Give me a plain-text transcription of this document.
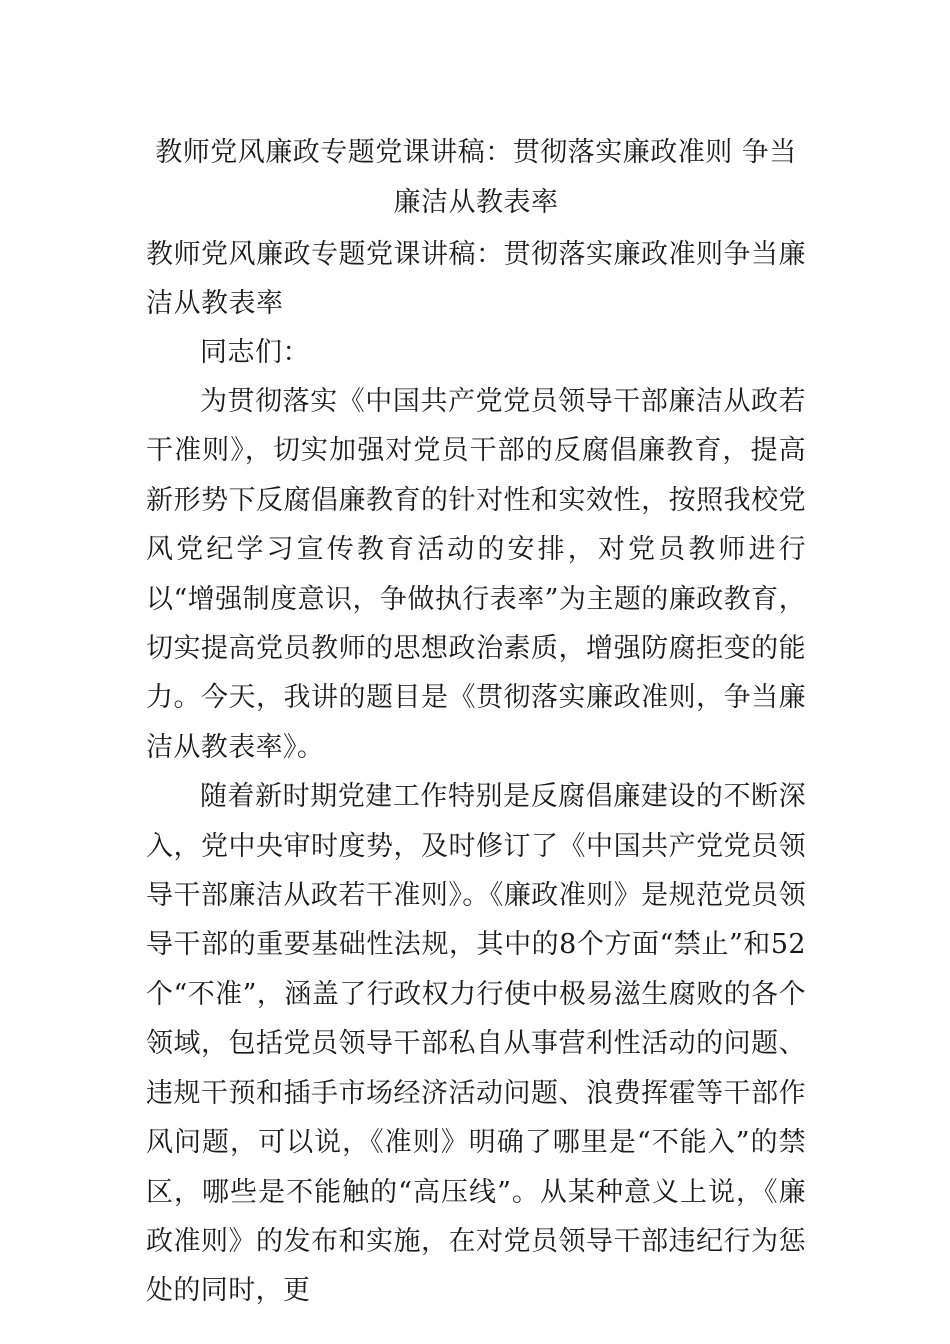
教师党风廉政专题党课讲稿：贯彻落实廉政准则 争当廉洁从教表率

教师党风廉政专题党课讲稿：贯彻落实廉政准则争当廉洁从教表率

同志们：

为贯彻落实《中国共产党党员领导干部廉洁从政若干准则》，切实加强对党员干部的反腐倡廉教育，提高新形势下反腐倡廉教育的针对性和实效性，按照我校党风党纪学习宣传教育活动的安排，对党员教师进行以“增强制度意识，争做执行表率”为主题的廉政教育，切实提高党员教师的思想政治素质，增强防腐拒变的能力。今天，我讲的题目是《贯彻落实廉政准则，争当廉洁从教表率》。

随着新时期党建工作特别是反腐倡廉建设的不断深入，党中央审时度势，及时修订了《中国共产党党员领导干部廉洁从政若干准则》。《廉政准则》是规范党员领导干部的重要基础性法规，其中的8个方面“禁止”和52个“不准”，涵盖了行政权力行使中极易滋生腐败的各个领域，包括党员领导干部私自从事营利性活动的问题、违规干预和插手市场经济活动问题、浪费挥霍等干部作风问题，可以说，《准则》明确了哪里是“不能入”的禁区，哪些是不能触的“高压线”。从某种意义上说，《廉政准则》的发布和实施，在对党员领导干部违纪行为惩处的同时，更
